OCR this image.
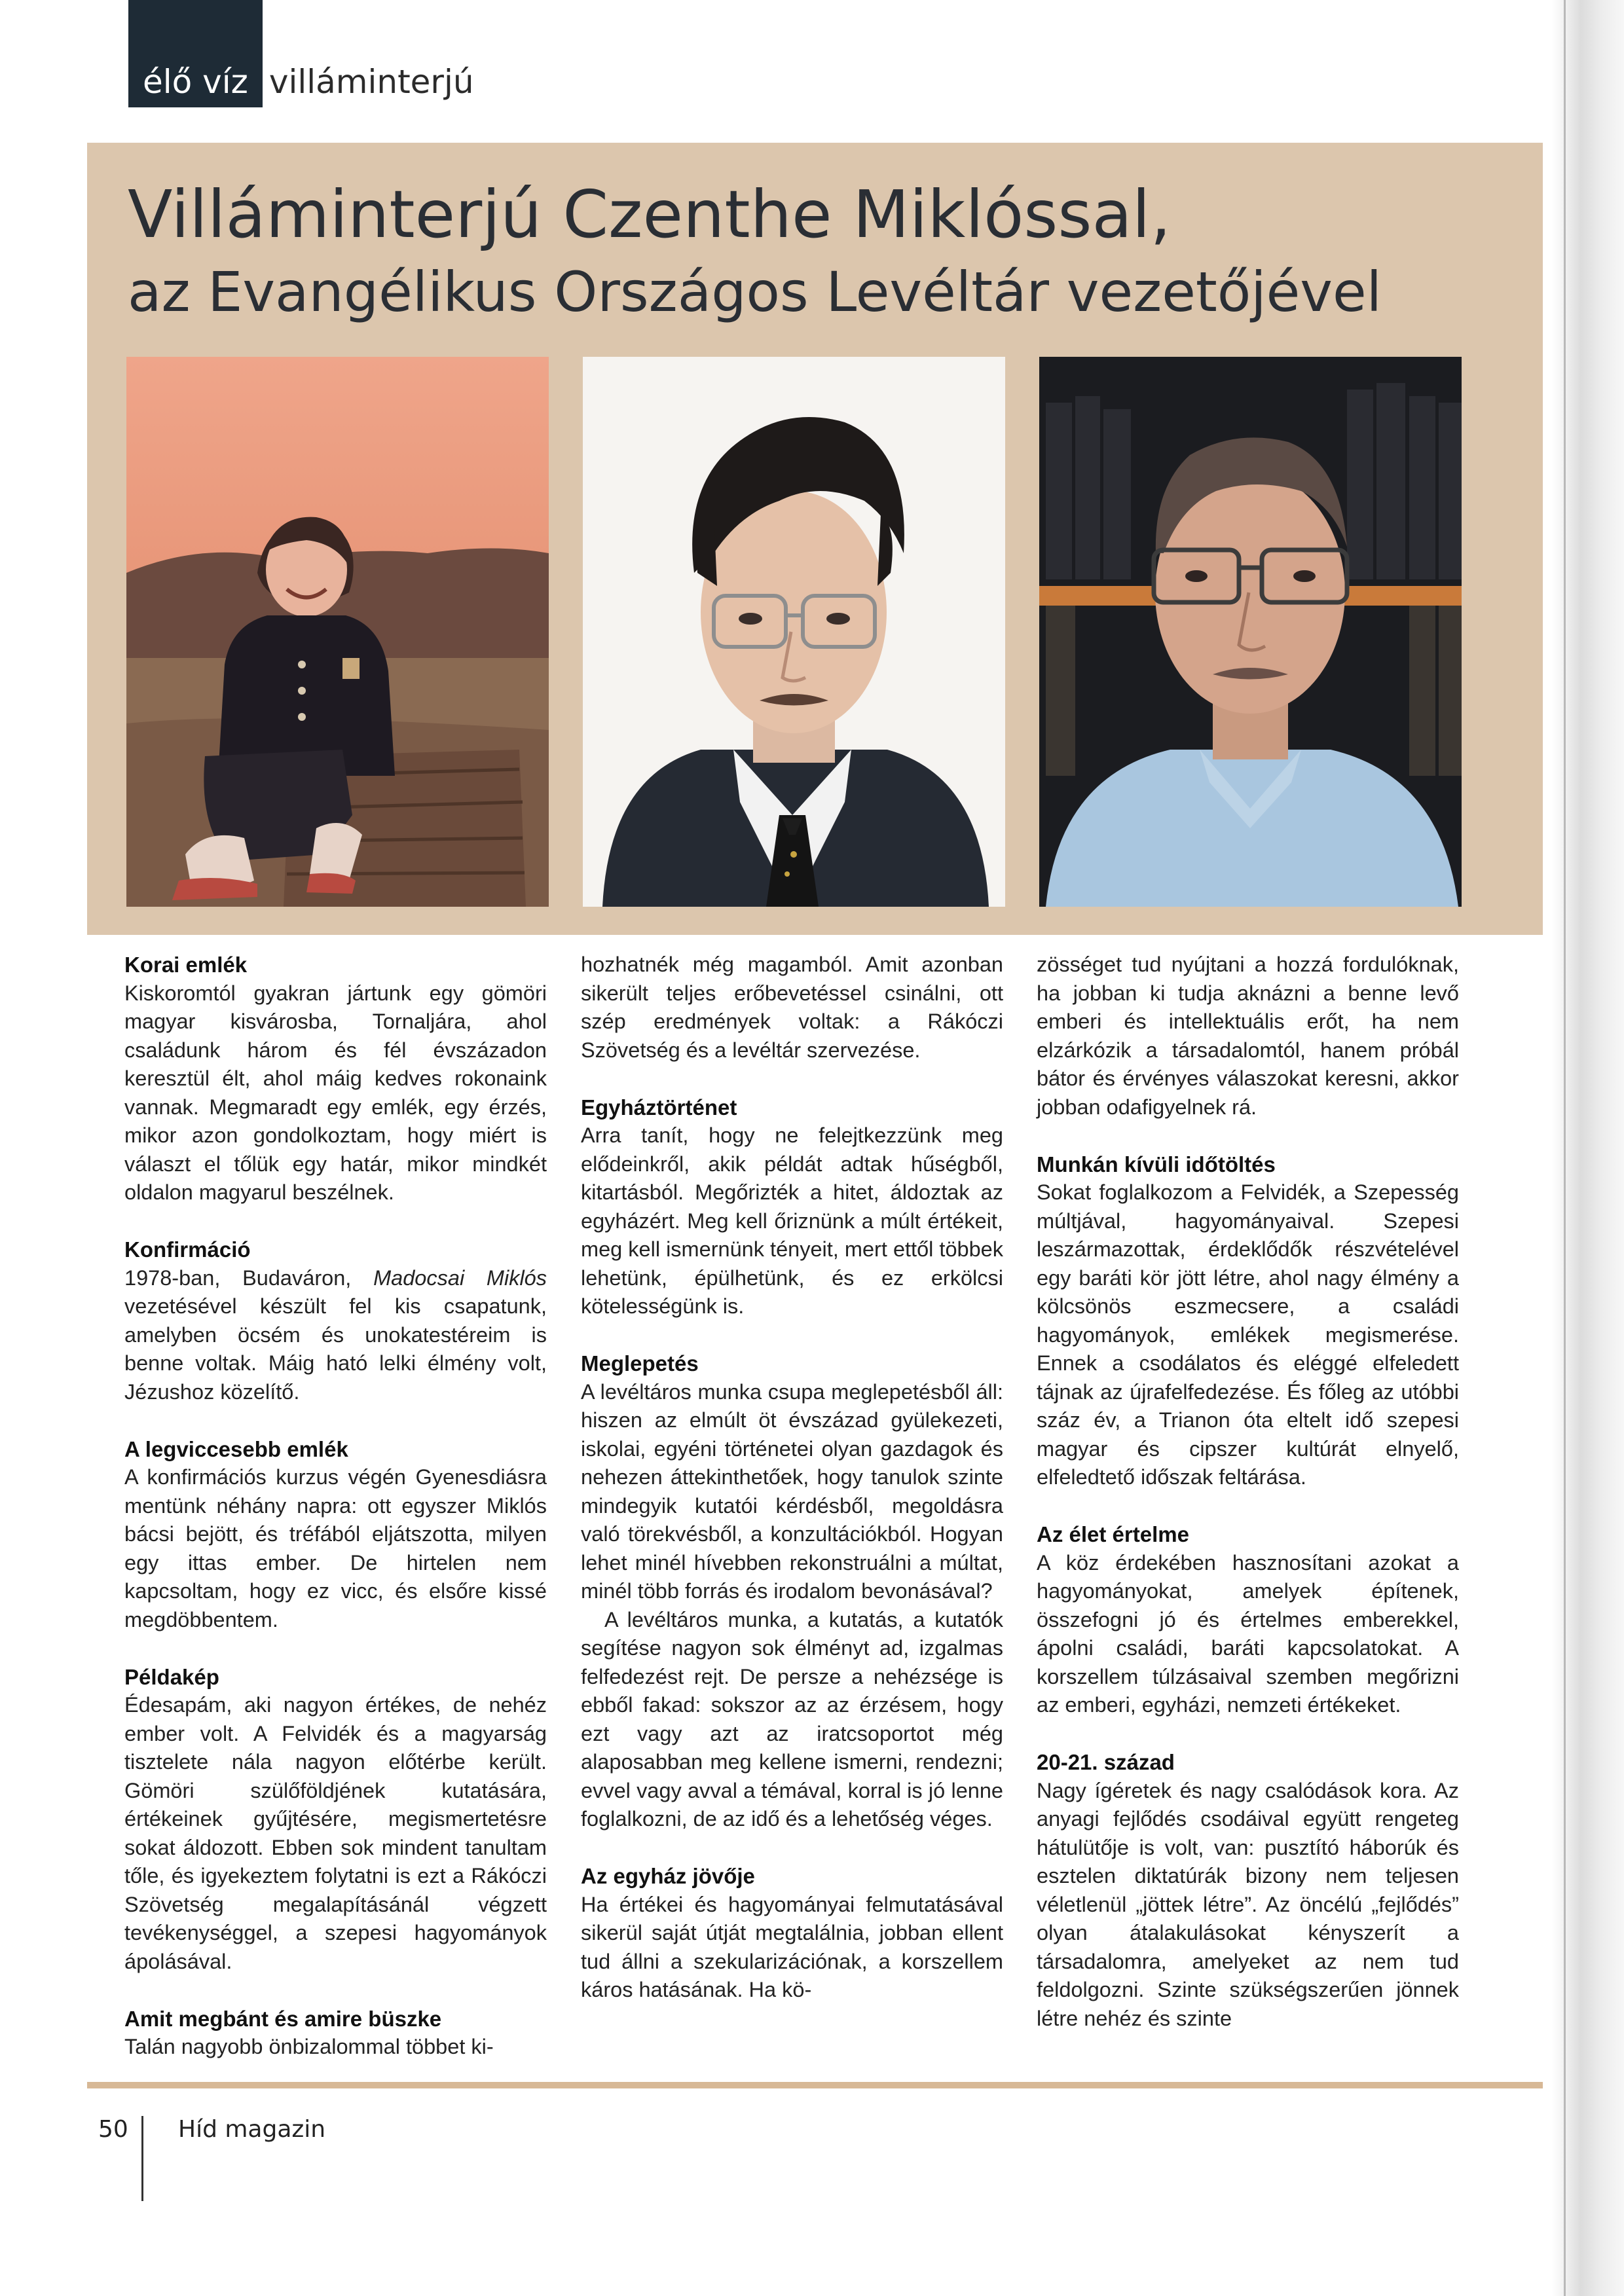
élő víz villáminterjú
Villáminterjú Czenthe Miklóssal,
az Evangélikus Országos Levéltár vezetőjével
Korai emlék

Kiskoromtól gyakran jártunk egy gömöri magyar kisvárosba, Tornaljára, ahol családunk három és fél évszázadon keresztül élt, ahol máig kedves rokonaink vannak. Megmaradt egy emlék, egy érzés, mikor azon gondolkoztam, hogy miért is választ el tőlük egy határ, mikor mindkét oldalon magyarul beszélnek.

Konfirmáció

1978-ban, Budaváron, Madocsai Miklós vezetésével készült fel kis csapatunk, amelyben öcsém és unokatestéreim is benne voltak. Máig ható lelki élmény volt, Jézushoz közelítő.

A legviccesebb emlék

A konfirmációs kurzus végén Gyenesdiásra mentünk néhány napra: ott egyszer Miklós bácsi bejött, és tréfából eljátszotta, milyen egy ittas ember. De hirtelen nem kapcsoltam, hogy ez vicc, és elsőre kissé megdöbbentem.

Példakép

Édesapám, aki nagyon értékes, de nehéz ember volt. A Felvidék és a magyarság tisztelete nála nagyon előtérbe került. Gömöri szülőföldjének kutatására, értékeinek gyűjtésére, megismertetésre sokat áldozott. Ebben sok mindent tanultam tőle, és igyekeztem folytatni is ezt a Rákóczi Szövetség megalapításánál végzett tevékenységgel, a szepesi hagyományok ápolásával.

Amit megbánt és amire büszke

Talán nagyobb önbizalommal többet ki-

hozhatnék még magamból. Amit azonban sikerült teljes erőbevetéssel csinálni, ott szép eredmények voltak: a Rákóczi Szövetség és a levéltár szervezése.

Egyháztörténet

Arra tanít, hogy ne felejtkezzünk meg elődeinkről, akik példát adtak hűségből, kitartásból. Megőrizték a hitet, áldoztak az egyházért. Meg kell őriznünk a múlt értékeit, meg kell ismernünk tényeit, mert ettől többek lehetünk, épülhetünk, és ez erkölcsi kötelességünk is.

Meglepetés

A levéltáros munka csupa meglepetésből áll: hiszen az elmúlt öt évszázad gyülekezeti, iskolai, egyéni történetei olyan gazdagok és nehezen áttekinthetőek, hogy tanulok szinte mindegyik kutatói kérdésből, megoldásra való törekvésből, a konzultációkból. Hogyan lehet minél hívebben rekonstruálni a múltat, minél több forrás és irodalom bevonásával?

A levéltáros munka, a kutatás, a kutatók segítése nagyon sok élményt ad, izgalmas felfedezést rejt. De persze a nehézsége is ebből fakad: sokszor az az érzésem, hogy ezt vagy azt az iratcsoportot még alaposabban meg kellene ismerni, rendezni; evvel vagy avval a témával, korral is jó lenne foglalkozni, de az idő és a lehetőség véges.

Az egyház jövője

Ha értékei és hagyományai felmutatásával sikerül saját útját megtalálnia, jobban ellent tud állni a szekularizációnak, a korszellem káros hatásának. Ha kö-

zösséget tud nyújtani a hozzá fordulóknak, ha jobban ki tudja aknázni a benne levő emberi és intellektuális erőt, ha nem elzárkózik a társadalomtól, hanem próbál bátor és érvényes válaszokat keresni, akkor jobban odafigyelnek rá.

Munkán kívüli időtöltés

Sokat foglalkozom a Felvidék, a Szepesség múltjával, hagyományaival. Szepesi leszármazottak, érdeklődők részvételével egy baráti kör jött létre, ahol nagy élmény a kölcsönös eszmecsere, a családi hagyományok, emlékek megismerése. Ennek a csodálatos és eléggé elfeledett tájnak az újrafelfedezése. És főleg az utóbbi száz év, a Trianon óta eltelt idő szepesi magyar és cipszer kultúrát elnyelő, elfeledtető időszak feltárása.

Az élet értelme

A köz érdekében hasznosítani azokat a hagyományokat, amelyek építenek, összefogni jó és értelmes emberekkel, ápolni családi, baráti kapcsolatokat. A korszellem túlzásaival szemben megőrizni az emberi, egyházi, nemzeti értékeket.

20-21. század

Nagy ígéretek és nagy csalódások kora. Az anyagi fejlődés csodáival együtt rengeteg hátulütője is volt, van: pusztító háborúk és esztelen diktatúrák bizony nem teljesen véletlenül „jöttek létre”. Az öncélú „fejlődés” olyan átalakulásokat kényszerít a társadalomra, amelyeket az nem tud feldolgozni. Szinte szükségszerűen jönnek létre nehéz és szinte

50 Híd magazin
